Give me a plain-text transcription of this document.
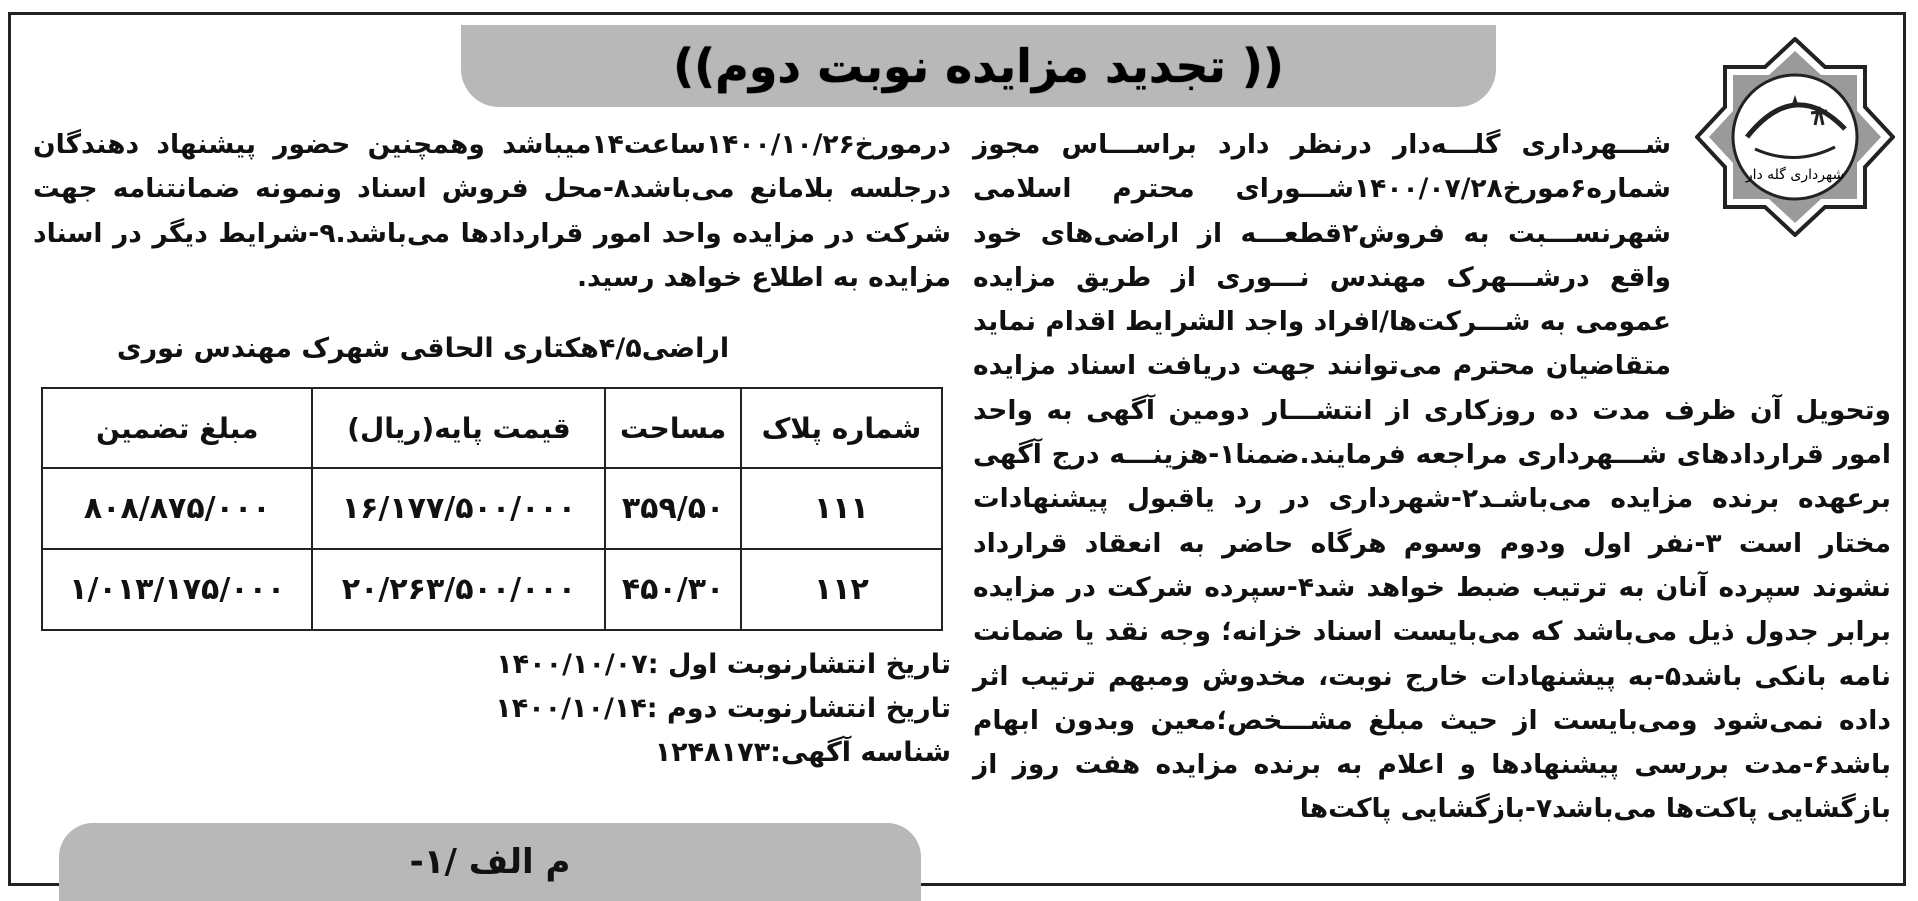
(( تجدید مزایده نوبت دوم))
شهرداری گله دار
شـــهرداری گلـــه‌دار درنظر دارد براســـاس مجوز شماره۶مورخ۱۴۰۰/۰۷/۲۸شـــورای محترم اسلامی شهرنســـبت به فروش۲قطعـــه از اراضی‌های خود واقع درشـــهرک مهندس نـــوری از طریق مزایده عمومی به شـــرکت‌ها/افراد واجد الشرایط اقدام نماید متقاضیان محترم می‌توانند جهت دریافت اسناد مزایده وتحویل آن ظرف مدت ده روزکاری از انتشـــار دومین آگهی به واحد امور قراردادهای شـــهرداری مراجعه فرمایند.ضمنا۱-هزینـــه درج آگهی برعهده برنده مزایده می‌باشـد۲-شهرداری در رد یاقبول پیشنهادات مختار است ۳-نفر اول ودوم وسوم هرگاه حاضر به انعقاد قرارداد نشوند سپرده آنان به ترتیب ضبط خواهد شد۴-سپرده شرکت در مزایده برابر جدول ذیل می‌باشد که می‌بایست اسناد خزانه؛ وجه نقد یا ضمانت نامه بانکی باشد۵-به پیشنهادات خارج نوبت، مخدوش ومبهم ترتیب اثر داده نمی‌شود ومی‌بایست از حیث مبلغ مشـــخص؛معین وبدون ابهام باشد۶-مدت بررسی پیشنهادها و اعلام به برنده مزایده هفت روز از بازگشایی پاکت‌ها می‌باشد۷-بازگشایی پاکت‌ها
درمورخ۱۴۰۰/۱۰/۲۶ساعت۱۴میباشد وهمچنین حضور پیشنهاد دهندگان درجلسه بلامانع می‌باشد۸-محل فروش اسناد ونمونه ضمانتنامه جهت شرکت در مزایده واحد امور قراردادها می‌باشد.۹-شرایط دیگر در اسناد مزایده به اطلاع خواهد رسید.
اراضی۴/۵هکتاری الحاقی شهرک مهندس نوری
شماره پلاک	مساحت	قیمت پایه(ریال)	مبلغ تضمین
۱۱۱	۳۵۹/۵۰	۱۶/۱۷۷/۵۰۰/۰۰۰	۸۰۸/۸۷۵/۰۰۰
۱۱۲	۴۵۰/۳۰	۲۰/۲۶۳/۵۰۰/۰۰۰	۱/۰۱۳/۱۷۵/۰۰۰
تاریخ انتشارنوبت اول :۱۴۰۰/۱۰/۰۷
تاریخ انتشارنوبت دوم :۱۴۰۰/۱۰/۱۴
شناسه آگهی:۱۲۴۸۱۷۳
م الف /۱-
